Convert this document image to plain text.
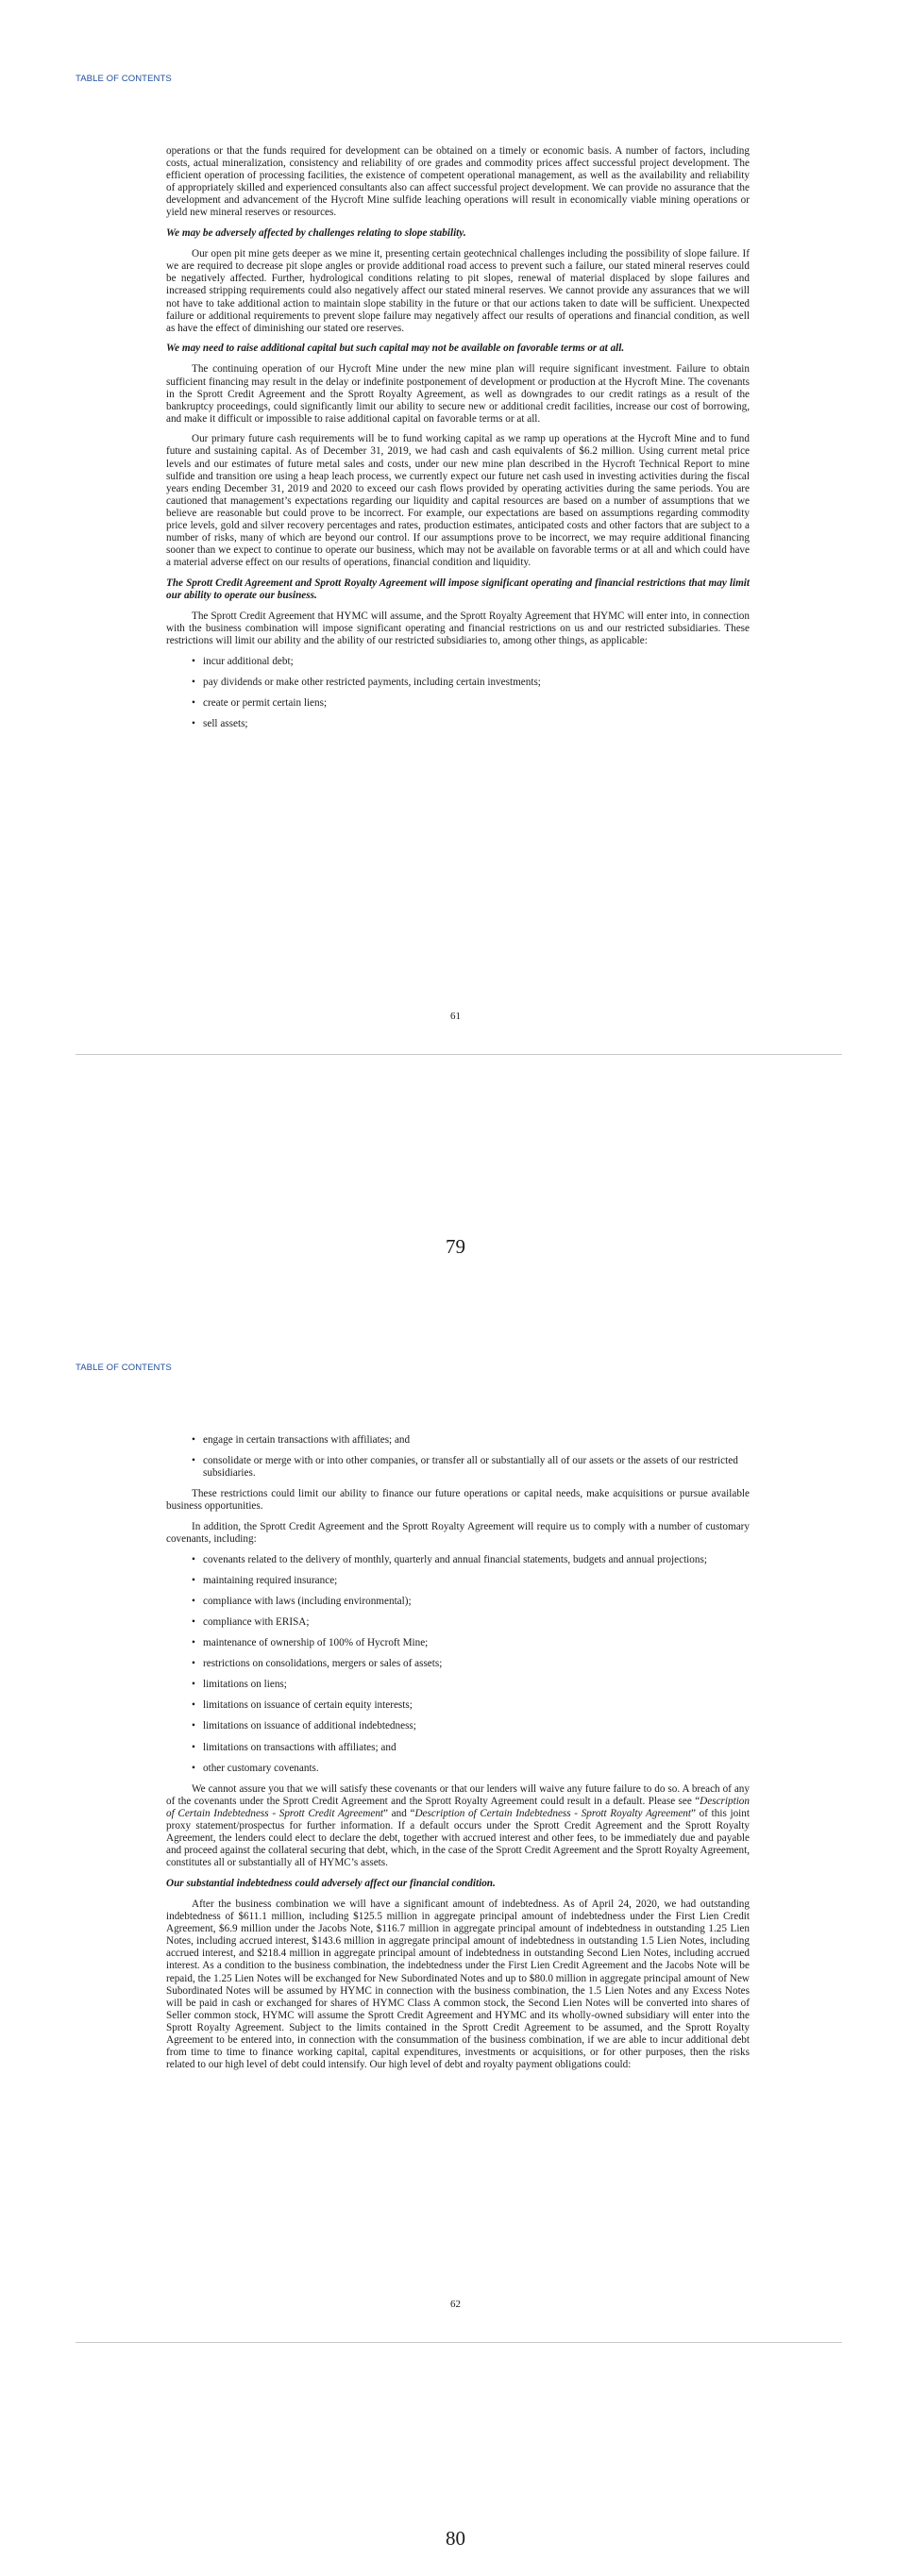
TABLE OF CONTENTS

operations or that the funds required for development can be obtained on a timely or economic basis. A number of factors, including costs, actual mineralization, consistency and reliability of ore grades and commodity prices affect successful project development. The efficient operation of processing facilities, the existence of competent operational management, as well as the availability and reliability of appropriately skilled and experienced consultants also can affect successful project development. We can provide no assurance that the development and advancement of the Hycroft Mine sulfide leaching operations will result in economically viable mining operations or yield new mineral reserves or resources.

We may be adversely affected by challenges relating to slope stability.

Our open pit mine gets deeper as we mine it, presenting certain geotechnical challenges including the possibility of slope failure. If we are required to decrease pit slope angles or provide additional road access to prevent such a failure, our stated mineral reserves could be negatively affected. Further, hydrological conditions relating to pit slopes, renewal of material displaced by slope failures and increased stripping requirements could also negatively affect our stated mineral reserves. We cannot provide any assurances that we will not have to take additional action to maintain slope stability in the future or that our actions taken to date will be sufficient. Unexpected failure or additional requirements to prevent slope failure may negatively affect our results of operations and financial condition, as well as have the effect of diminishing our stated ore reserves.

We may need to raise additional capital but such capital may not be available on favorable terms or at all.

The continuing operation of our Hycroft Mine under the new mine plan will require significant investment. Failure to obtain sufficient financing may result in the delay or indefinite postponement of development or production at the Hycroft Mine. The covenants in the Sprott Credit Agreement and the Sprott Royalty Agreement, as well as downgrades to our credit ratings as a result of the bankruptcy proceedings, could significantly limit our ability to secure new or additional credit facilities, increase our cost of borrowing, and make it difficult or impossible to raise additional capital on favorable terms or at all.

Our primary future cash requirements will be to fund working capital as we ramp up operations at the Hycroft Mine and to fund future and sustaining capital. As of December 31, 2019, we had cash and cash equivalents of $6.2 million. Using current metal price levels and our estimates of future metal sales and costs, under our new mine plan described in the Hycroft Technical Report to mine sulfide and transition ore using a heap leach process, we currently expect our future net cash used in investing activities during the fiscal years ending December 31, 2019 and 2020 to exceed our cash flows provided by operating activities during the same periods. You are cautioned that management’s expectations regarding our liquidity and capital resources are based on a number of assumptions that we believe are reasonable but could prove to be incorrect. For example, our expectations are based on assumptions regarding commodity price levels, gold and silver recovery percentages and rates, production estimates, anticipated costs and other factors that are subject to a number of risks, many of which are beyond our control. If our assumptions prove to be incorrect, we may require additional financing sooner than we expect to continue to operate our business, which may not be available on favorable terms or at all and which could have a material adverse effect on our results of operations, financial condition and liquidity.

The Sprott Credit Agreement and Sprott Royalty Agreement will impose significant operating and financial restrictions that may limit our ability to operate our business.

The Sprott Credit Agreement that HYMC will assume, and the Sprott Royalty Agreement that HYMC will enter into, in connection with the business combination will impose significant operating and financial restrictions on us and our restricted subsidiaries. These restrictions will limit our ability and the ability of our restricted subsidiaries to, among other things, as applicable:

• incur additional debt;
• pay dividends or make other restricted payments, including certain investments;
• create or permit certain liens;
• sell assets;
61
79
TABLE OF CONTENTS
• engage in certain transactions with affiliates; and
• consolidate or merge with or into other companies, or transfer all or substantially all of our assets or the assets of our restricted subsidiaries.

These restrictions could limit our ability to finance our future operations or capital needs, make acquisitions or pursue available business opportunities.

In addition, the Sprott Credit Agreement and the Sprott Royalty Agreement will require us to comply with a number of customary covenants, including:

• covenants related to the delivery of monthly, quarterly and annual financial statements, budgets and annual projections;
• maintaining required insurance;
• compliance with laws (including environmental);
• compliance with ERISA;
• maintenance of ownership of 100% of Hycroft Mine;
• restrictions on consolidations, mergers or sales of assets;
• limitations on liens;
• limitations on issuance of certain equity interests;
• limitations on issuance of additional indebtedness;
• limitations on transactions with affiliates; and
• other customary covenants.

We cannot assure you that we will satisfy these covenants or that our lenders will waive any future failure to do so. A breach of any of the covenants under the Sprott Credit Agreement and the Sprott Royalty Agreement could result in a default. Please see “Description of Certain Indebtedness - Sprott Credit Agreement” and “Description of Certain Indebtedness - Sprott Royalty Agreement” of this joint proxy statement/prospectus for further information. If a default occurs under the Sprott Credit Agreement and the Sprott Royalty Agreement, the lenders could elect to declare the debt, together with accrued interest and other fees, to be immediately due and payable and proceed against the collateral securing that debt, which, in the case of the Sprott Credit Agreement and the Sprott Royalty Agreement, constitutes all or substantially all of HYMC’s assets.

Our substantial indebtedness could adversely affect our financial condition.

After the business combination we will have a significant amount of indebtedness. As of April 24, 2020, we had outstanding indebtedness of $611.1 million, including $125.5 million in aggregate principal amount of indebtedness under the First Lien Credit Agreement, $6.9 million under the Jacobs Note, $116.7 million in aggregate principal amount of indebtedness in outstanding 1.25 Lien Notes, including accrued interest, $143.6 million in aggregate principal amount of indebtedness in outstanding 1.5 Lien Notes, including accrued interest, and $218.4 million in aggregate principal amount of indebtedness in outstanding Second Lien Notes, including accrued interest. As a condition to the business combination, the indebtedness under the First Lien Credit Agreement and the Jacobs Note will be repaid, the 1.25 Lien Notes will be exchanged for New Subordinated Notes and up to $80.0 million in aggregate principal amount of New Subordinated Notes will be assumed by HYMC in connection with the business combination, the 1.5 Lien Notes and any Excess Notes will be paid in cash or exchanged for shares of HYMC Class A common stock, the Second Lien Notes will be converted into shares of Seller common stock, HYMC will assume the Sprott Credit Agreement and HYMC and its wholly-owned subsidiary will enter into the Sprott Royalty Agreement. Subject to the limits contained in the Sprott Credit Agreement to be assumed, and the Sprott Royalty Agreement to be entered into, in connection with the consummation of the business combination, if we are able to incur additional debt from time to time to finance working capital, capital expenditures, investments or acquisitions, or for other purposes, then the risks related to our high level of debt could intensify. Our high level of debt and royalty payment obligations could:

62
80
